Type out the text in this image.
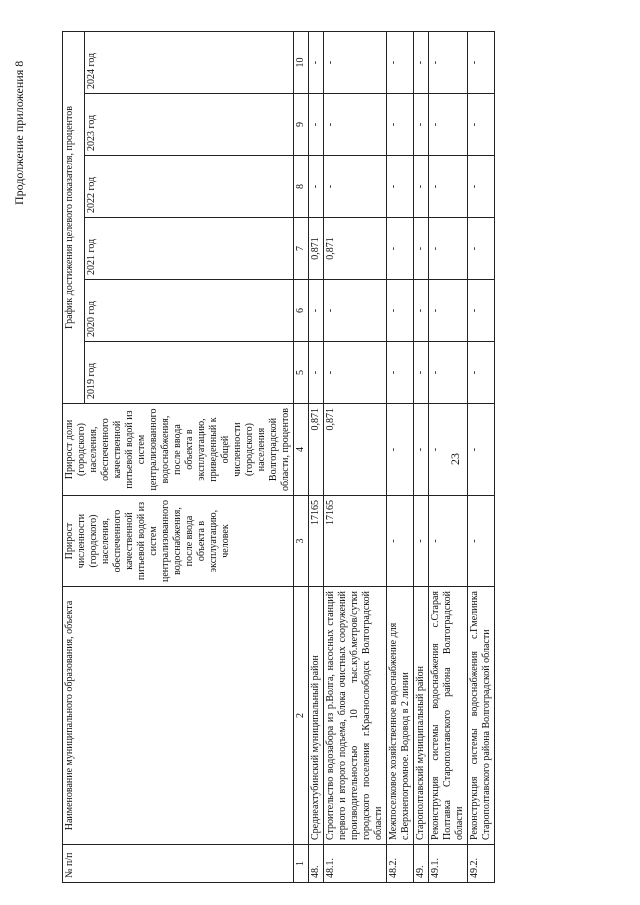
23
Продолжение приложения 8
№ п/п	Наименование муниципального образования, объекта	Прирост численности (городского) населения, обеспеченного качественной питьевой водой из систем централизованного водоснабжения, после ввода объекта в эксплуатацию, человек	Прирост доли (городского) населения, обеспеченного качественной питьевой водой из систем централизованного водоснабжения, после ввода объекта в эксплуатацию, приведенный к общей численности (городского) населения Волгоградской области, процентов	График достижения целевого показателя, процентов					
				2019 год	2020 год	2021 год	2022 год	2023 год	2024 год
1	2	3	4	5	6	7	8	9	10
48.	Среднеахтубинский муниципальный район	17165	0,871	-	-	0,871	-	-	-
48.1.	Строительство водозабора из р.Волга, насосных станций первого и второго подъема, блока очистных сооружений производительностью 10 тыс.куб.метров/сутки городского поселения г.Краснослободск Волгоградской области	17165	0,871	-	-	0,871	-	-	-
48.2.	Межпоселковое хозяйственное водоснабжение для с.Верхнепогромное. Водовод в 2 линии	-	-	-	-	-	-	-	-
49.	Старополтавский муниципальный район	-	-	-	-	-	-	-	-
49.1.	Реконструкция системы водоснабжения с.Старая Полтавка Старополтавского района Волгоградской области	-	-	-	-	-	-	-	-
49.2.	Реконструкция системы водоснабжения с.Гмелинка Старополтавского района Волгоградской области	-	-	-	-	-	-	-	-
